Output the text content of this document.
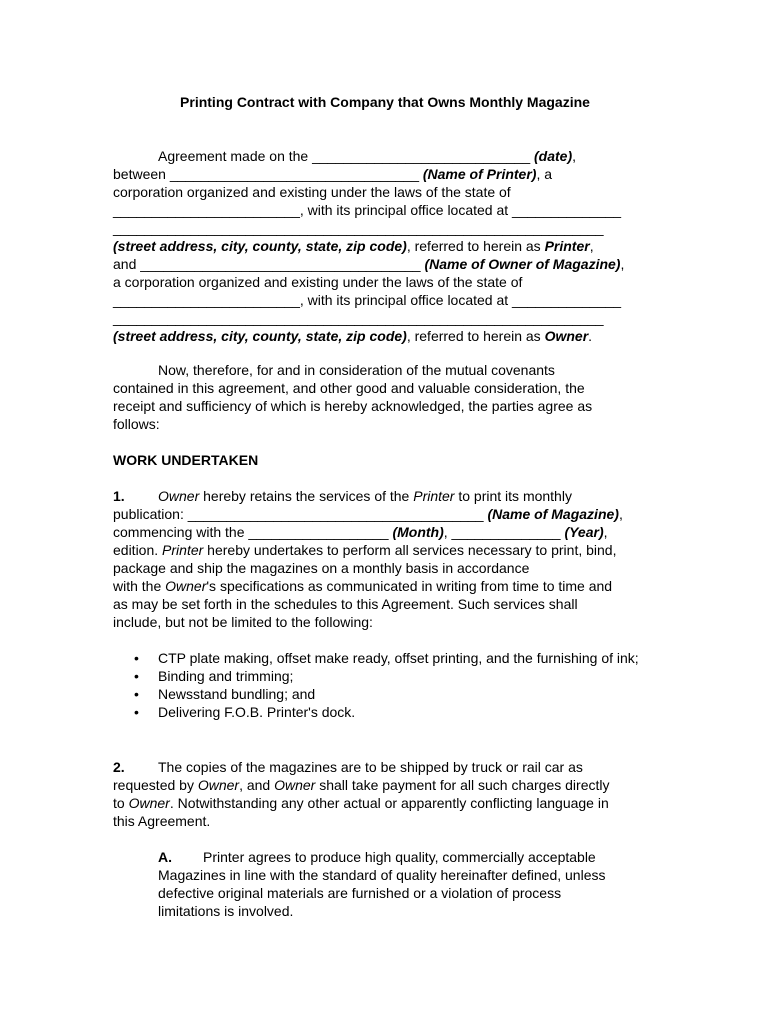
Printing Contract with Company that Owns Monthly Magazine

Agreement made on the ____________________________ (date),

between ________________________________ (Name of Printer), a

corporation organized and existing under the laws of the state of

________________________, with its principal office located at ______________

_______________________________________________________________

(street address, city, county, state, zip code), referred to herein as Printer,

and ____________________________________ (Name of Owner of Magazine),

a corporation organized and existing under the laws of the state of

________________________, with its principal office located at ______________

_______________________________________________________________

(street address, city, county, state, zip code), referred to herein as Owner.

Now, therefore, for and in consideration of the mutual covenants

contained in this agreement, and other good and valuable consideration, the

receipt and sufficiency of which is hereby acknowledged, the parties agree as

follows:

WORK UNDERTAKEN

1. Owner hereby retains the services of the Printer to print its monthly

publication: ______________________________________ (Name of Magazine),

commencing with the __________________ (Month), ______________ (Year),

edition. Printer hereby undertakes to perform all services necessary to print, bind,

package and ship the magazines on a monthly basis in accordance

with the Owner's specifications as communicated in writing from time to time and

as may be set forth in the schedules to this Agreement. Such services shall

include, but not be limited to the following:

• CTP plate making, offset make ready, offset printing, and the furnishing of ink;
• Binding and trimming;
• Newsstand bundling; and
• Delivering F.O.B. Printer's dock.

2. The copies of the magazines are to be shipped by truck or rail car as

requested by Owner, and Owner shall take payment for all such charges directly

to Owner. Notwithstanding any other actual or apparently conflicting language in

this Agreement.

A. Printer agrees to produce high quality, commercially acceptable

Magazines in line with the standard of quality hereinafter defined, unless

defective original materials are furnished or a violation of process

limitations is involved.
